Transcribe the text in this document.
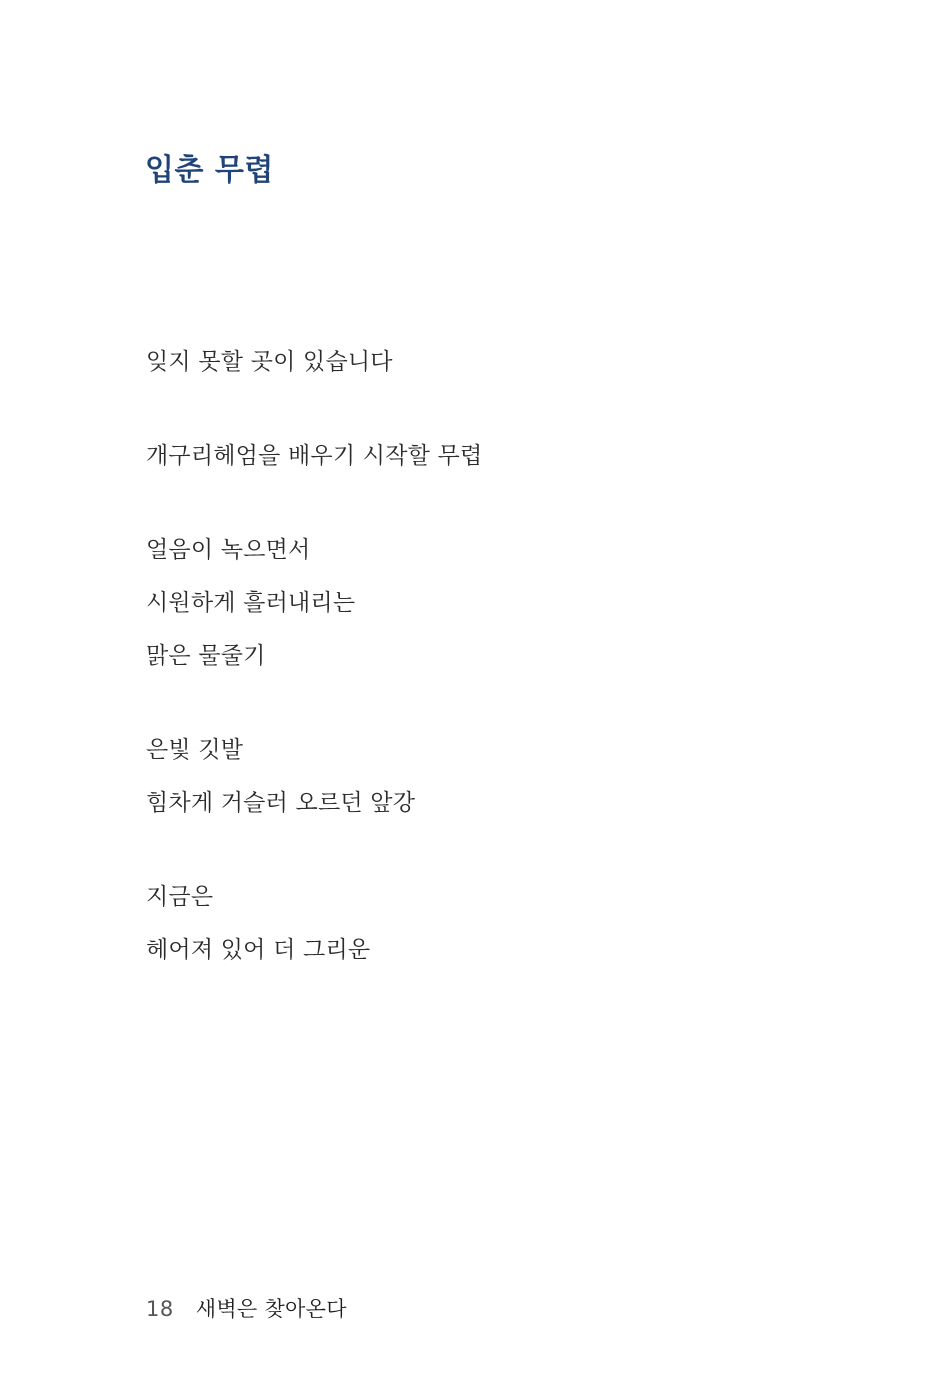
입춘 무렵
잊지 못할 곳이 있습니다
개구리헤엄을 배우기 시작할 무렵
얼음이 녹으면서
시원하게 흘러내리는
맑은 물줄기
은빛 깃발
힘차게 거슬러 오르던 앞강
지금은
헤어져 있어 더 그리운
18 새벽은 찾아온다
